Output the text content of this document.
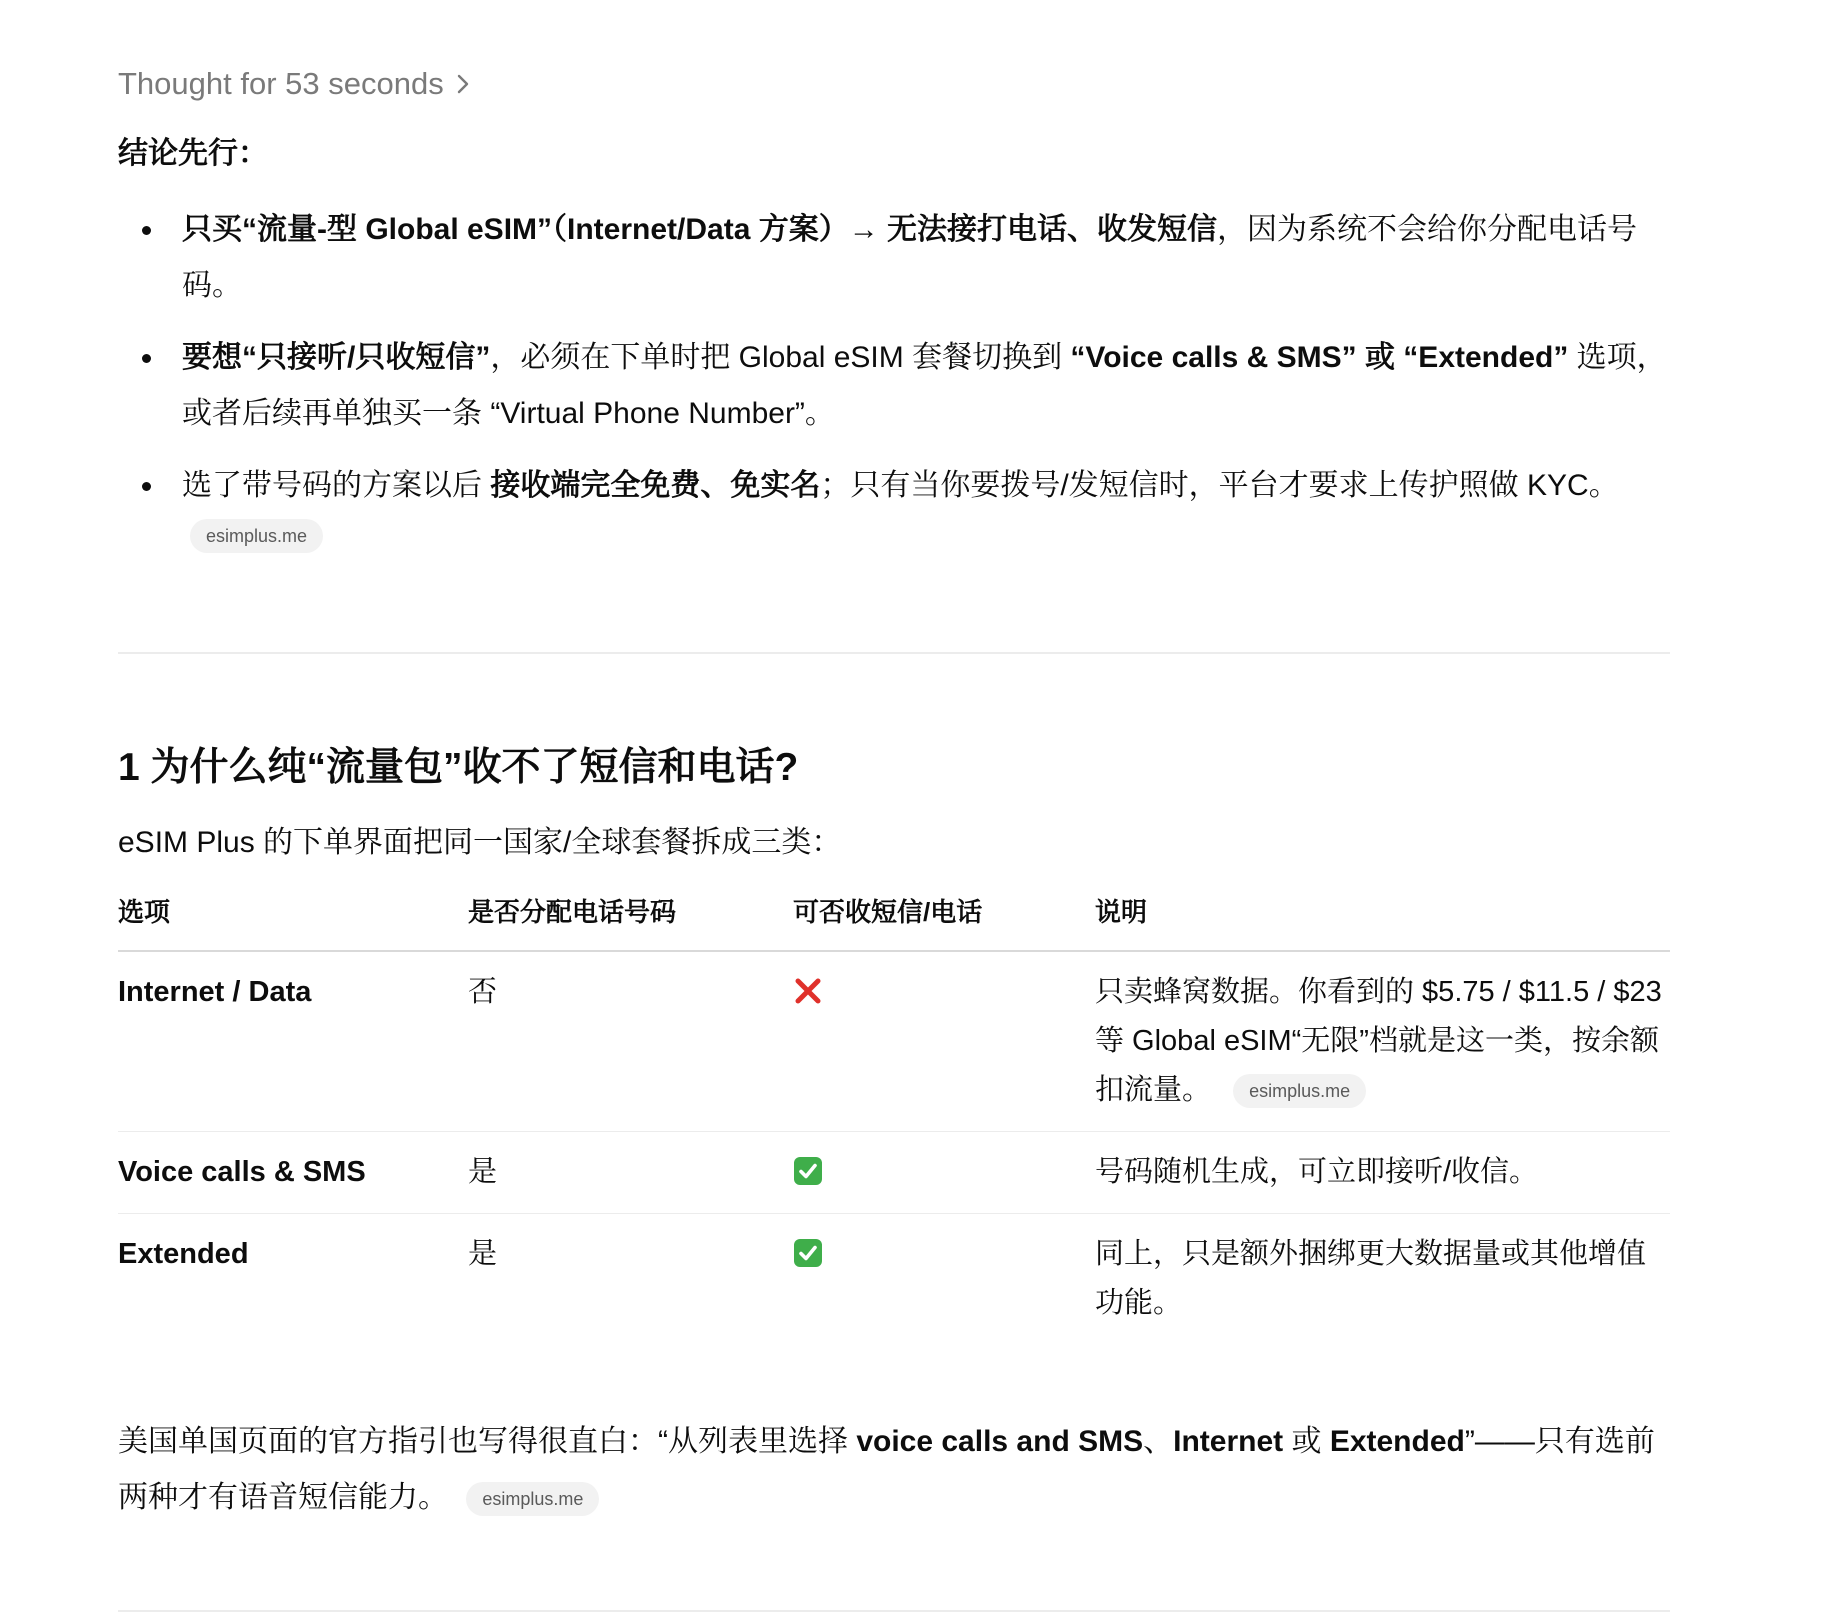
Thought for 53 seconds
结论先行：
只买“流量-型 Global eSIM”（Internet/Data 方案）→ 无法接打电话、收发短信，因为系统不会给你分配电话号码。
要想“只接听/只收短信”，必须在下单时把 Global eSIM 套餐切换到 “Voice calls & SMS” 或 “Extended” 选项，或者后续再单独买一条 “Virtual Phone Number”。
选了带号码的方案以后 接收端完全免费、免实名；只有当你要拨号/发短信时，平台才要求上传护照做 KYC。
esimplus.me
1 为什么纯“流量包”收不了短信和电话?
eSIM Plus 的下单界面把同一国家/全球套餐拆成三类：
选项	是否分配电话号码	可否收短信/电话	说明
Internet / Data	否		只卖蜂窝数据。你看到的 $5.75 / $11.5 / $23 等 Global eSIM“无限”档就是这一类，按余额扣流量。 esimplus.me
Voice calls & SMS	是		号码随机生成，可立即接听/收信。
Extended	是		同上，只是额外捆绑更大数据量或其他增值功能。
美国单国页面的官方指引也写得很直白：“从列表里选择 voice calls and SMS、Internet 或 Extended”——只有选前两种才有语音短信能力。 esimplus.me
